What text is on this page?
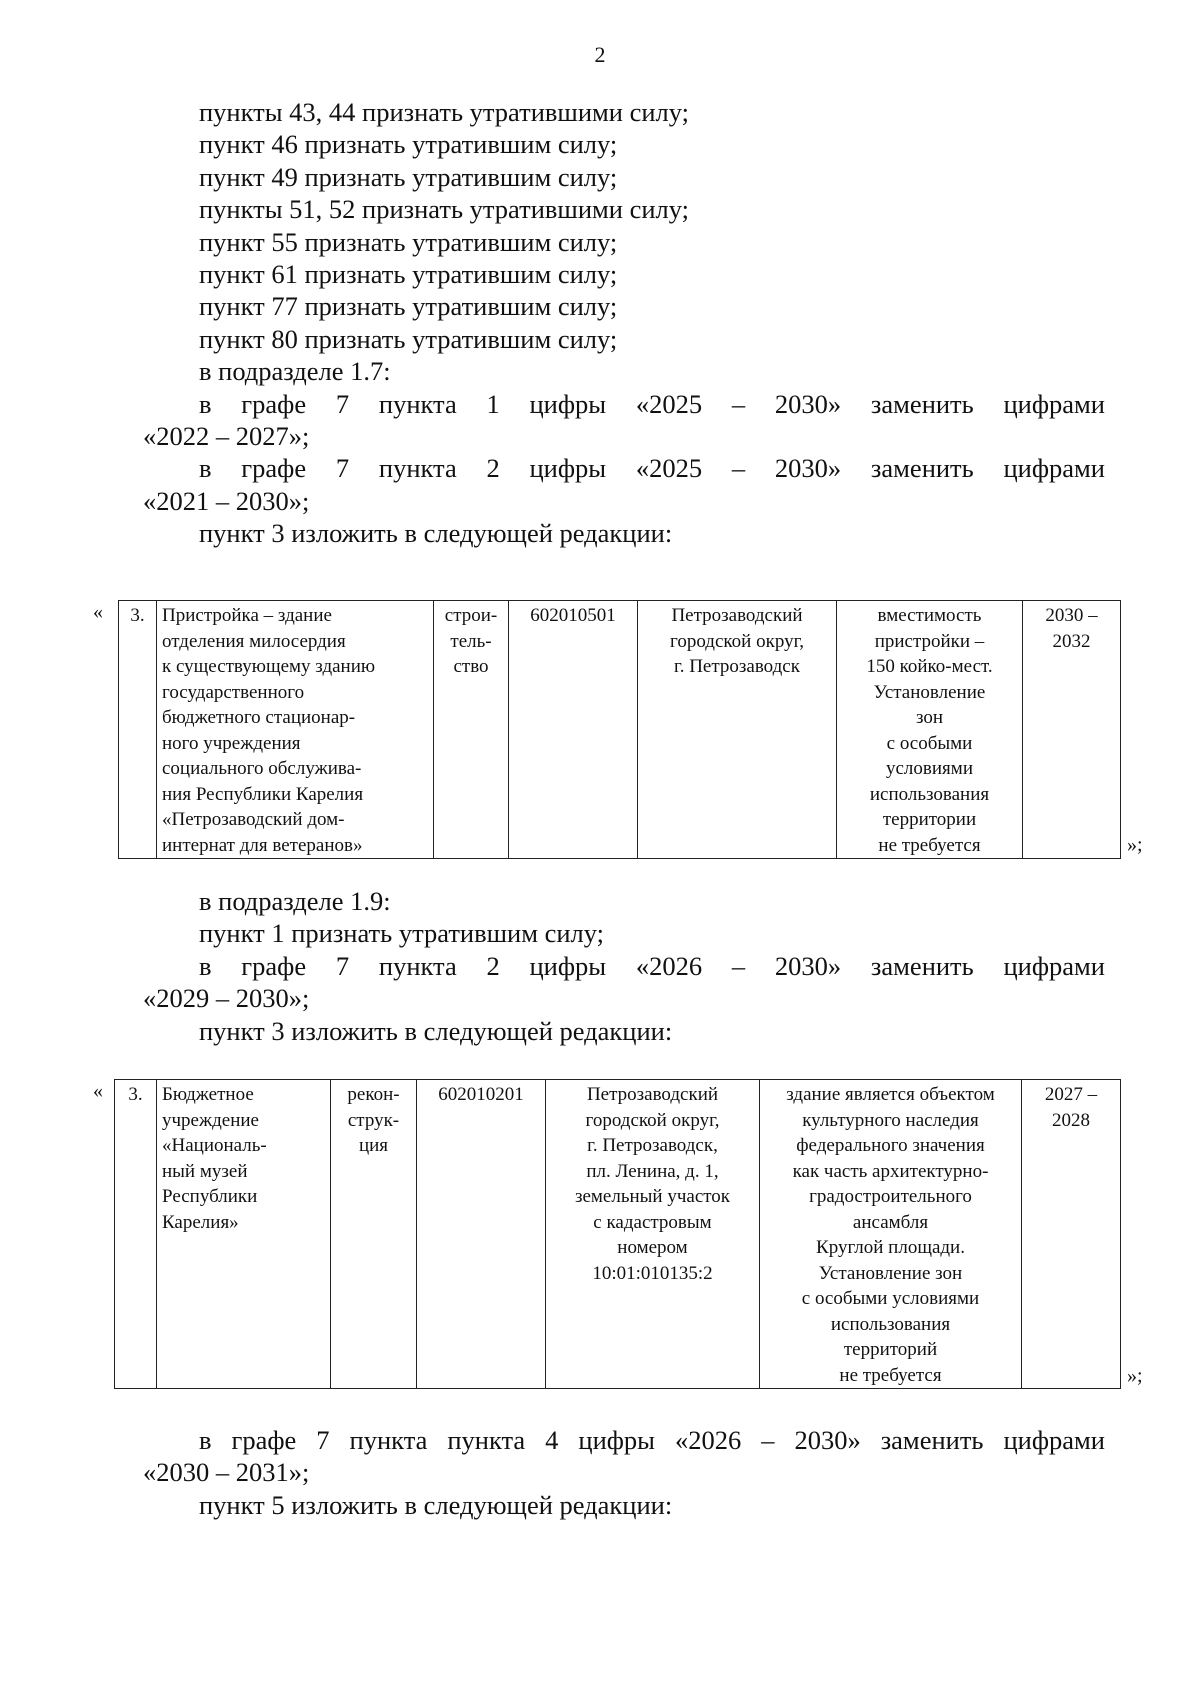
2
пункты 43, 44 признать утратившими силу;
пункт 46 признать утратившим силу;
пункт 49 признать утратившим силу;
пункты 51, 52 признать утратившими силу;
пункт 55 признать утратившим силу;
пункт 61 признать утратившим силу;
пункт 77 признать утратившим силу;
пункт 80 признать утратившим силу;
в подразделе 1.7:
в графе 7 пункта 1 цифры «2025 – 2030» заменить цифрами
«2022 – 2027»;
в графе 7 пункта 2 цифры «2025 – 2030» заменить цифрами
«2021 – 2030»;
пункт 3 изложить в следующей редакции:
« 3.	Пристройка – здание
отделения милосердия
к существующему зданию
государственного
бюджетного стационар-
ного учреждения
социального обслужива-
ния Республики Карелия
«Петрозаводский дом-
интернат для ветеранов»	строи-
тель-
ство	602010501	Петрозаводский
городской округ,
г. Петрозаводск	вместимость
пристройки –
150 койко-мест.
Установление
зон
с особыми
условиями
использования
территории
не требуется	2030 –
2032
»;
в подразделе 1.9:
пункт 1 признать утратившим силу;
в графе 7 пункта 2 цифры «2026 – 2030» заменить цифрами
«2029 – 2030»;
пункт 3 изложить в следующей редакции:
« 3.	Бюджетное
учреждение
«Националь-
ный музей
Республики
Карелия»	рекон-
струк-
ция	602010201	Петрозаводский
городской округ,
г. Петрозаводск,
пл. Ленина, д. 1,
земельный участок
с кадастровым
номером
10:01:010135:2	здание является объектом
культурного наследия
федерального значения
как часть архитектурно-
градостроительного
ансамбля
Круглой площади.
Установление зон
с особыми условиями
использования
территорий
не требуется	2027 –
2028
»;
в графе 7 пункта пункта 4 цифры «2026 – 2030» заменить цифрами
«2030 – 2031»;
пункт 5 изложить в следующей редакции:
